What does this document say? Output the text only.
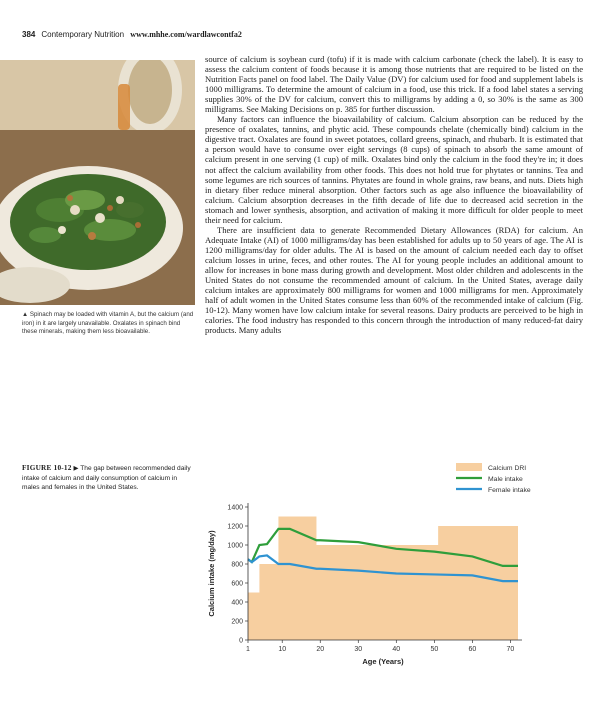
384 Contemporary Nutrition www.mhhe.com/wardlawcontfa2
▲ Spinach may be loaded with vitamin A, but the calcium (and iron) in it are largely unavailable. Oxalates in spinach bind these minerals, making them less bioavailable.

source of calcium is soybean curd (tofu) if it is made with calcium carbonate (check the label). It is easy to assess the calcium content of foods because it is among those nutrients that are required to be listed on the Nutrition Facts panel on food label. The Daily Value (DV) for calcium used for food and supplement labels is 1000 milligrams. To determine the amount of calcium in a food, use this trick. If a food label states a serving supplies 30% of the DV for calcium, convert this to milligrams by adding a 0, so 30% is the same as 300 milligrams. See Making Decisions on p. 385 for further discussion.

Many factors can influence the bioavailability of calcium. Calcium absorption can be reduced by the presence of oxalates, tannins, and phytic acid. These compounds chelate (chemically bind) calcium in the digestive tract. Oxalates are found in sweet potatoes, collard greens, spinach, and rhubarb. It is estimated that a person would have to consume over eight servings (8 cups) of spinach to absorb the same amount of calcium present in one serving (1 cup) of milk. Oxalates bind only the calcium in the food they're in; it does not affect the calcium availability from other foods. This does not hold true for phytates or tannins. Tea and some legumes are rich sources of tannins. Phytates are found in whole grains, raw beans, and nuts. Diets high in dietary fiber reduce mineral absorption. Other factors such as age also influence the bioavailability of calcium. Calcium absorption decreases in the fifth decade of life due to decreased acid secretion in the stomach and lower synthesis, absorption, and activation of making it more difficult for older people to meet their need for calcium.

There are insufficient data to generate Recommended Dietary Allowances (RDA) for calcium. An Adequate Intake (AI) of 1000 milligrams/day has been established for adults up to 50 years of age. The AI is 1200 milligrams/day for older adults. The AI is based on the amount of calcium needed each day to offset calcium losses in urine, feces, and other routes. The AI for young people includes an additional amount to allow for increases in bone mass during growth and development. Most older children and adolescents in the United States do not consume the recommended amount of calcium. In the United States, average daily calcium intakes are approximately 800 milligrams for women and 1000 milligrams for men. Approximately half of adult women in the United States consume less than 60% of the recommended intake of calcium (Fig. 10-12). Many women have low calcium intake for several reasons. Dairy products are perceived to be high in calories. The food industry has responded to this concern through the introduction of many reduced-fat dairy products. Many adults

FIGURE 10-12 ▶ The gap between recommended daily intake of calcium and daily consumption of calcium in males and females in the United States.
0
200
400
600
800
1000
1200
1400
1	10	20	30	40	50	60	70
Age (Years)
Calcium intake (mg/day)
Calcium DRI
Male intake
Female intake
